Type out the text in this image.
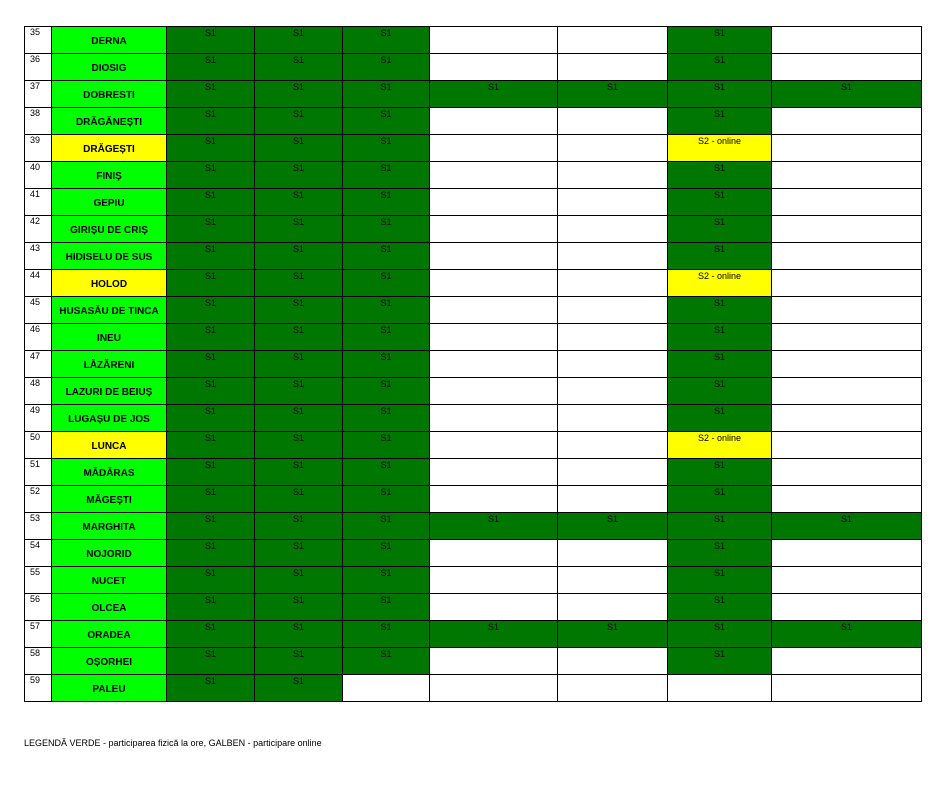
35	DERNA	S1	S1	S1			S1	
36	DIOSIG	S1	S1	S1			S1	
37	DOBRESTI	S1	S1	S1	S1	S1	S1	S1
38	DRĂGĂNEȘTI	S1	S1	S1			S1	
39	DRĂGEȘTI	S1	S1	S1			S2 - online	
40	FINIȘ	S1	S1	S1			S1	
41	GEPIU	S1	S1	S1			S1	
42	GIRIȘU DE CRIȘ	S1	S1	S1			S1	
43	HIDISELU DE SUS	S1	S1	S1			S1	
44	HOLOD	S1	S1	S1			S2 - online	
45	HUSASĂU DE TINCA	S1	S1	S1			S1	
46	INEU	S1	S1	S1			S1	
47	LĂZĂRENI	S1	S1	S1			S1	
48	LAZURI DE BEIUȘ	S1	S1	S1			S1	
49	LUGAȘU DE JOS	S1	S1	S1			S1	
50	LUNCA	S1	S1	S1			S2 - online	
51	MĂDĂRAS	S1	S1	S1			S1	
52	MĂGEȘTI	S1	S1	S1			S1	
53	MARGHITA	S1	S1	S1	S1	S1	S1	S1
54	NOJORID	S1	S1	S1			S1	
55	NUCET	S1	S1	S1			S1	
56	OLCEA	S1	S1	S1			S1	
57	ORADEA	S1	S1	S1	S1	S1	S1	S1
58	OȘORHEI	S1	S1	S1			S1	
59	PALEU	S1	S1					
LEGENDĂ VERDE - participarea fizică la ore, GALBEN - participare online
